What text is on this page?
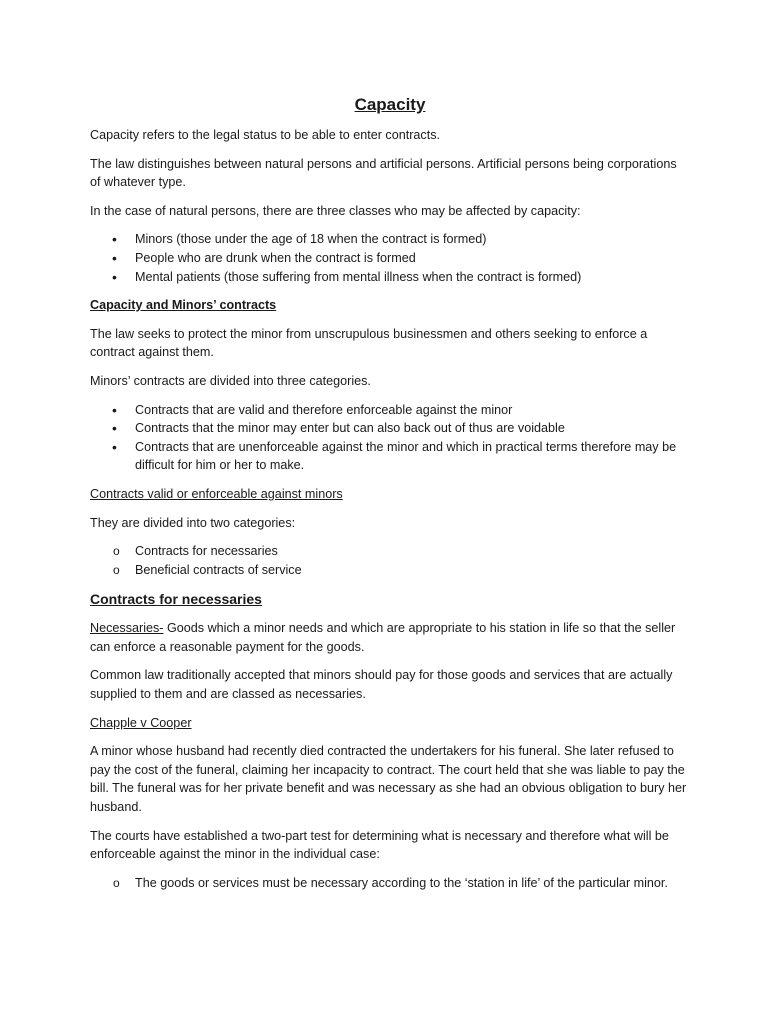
Capacity

Capacity refers to the legal status to be able to enter contracts.

The law distinguishes between natural persons and artificial persons. Artificial persons being corporations of whatever type.

In the case of natural persons, there are three classes who may be affected by capacity:

• Minors (those under the age of 18 when the contract is formed)
• People who are drunk when the contract is formed
• Mental patients (those suffering from mental illness when the contract is formed)
Capacity and Minors’ contracts

The law seeks to protect the minor from unscrupulous businessmen and others seeking to enforce a contract against them.

Minors’ contracts are divided into three categories.

• Contracts that are valid and therefore enforceable against the minor
• Contracts that the minor may enter but can also back out of thus are voidable
• Contracts that are unenforceable against the minor and which in practical terms therefore may be difficult for him or her to make.
Contracts valid or enforceable against minors

They are divided into two categories:

o Contracts for necessaries
o Beneficial contracts of service
Contracts for necessaries

Necessaries- Goods which a minor needs and which are appropriate to his station in life so that the seller can enforce a reasonable payment for the goods.

Common law traditionally accepted that minors should pay for those goods and services that are actually supplied to them and are classed as necessaries.

Chapple v Cooper

A minor whose husband had recently died contracted the undertakers for his funeral. She later refused to pay the cost of the funeral, claiming her incapacity to contract. The court held that she was liable to pay the bill. The funeral was for her private benefit and was necessary as she had an obvious obligation to bury her husband.

The courts have established a two-part test for determining what is necessary and therefore what will be enforceable against the minor in the individual case:

o The goods or services must be necessary according to the ‘station in life’ of the particular minor.
